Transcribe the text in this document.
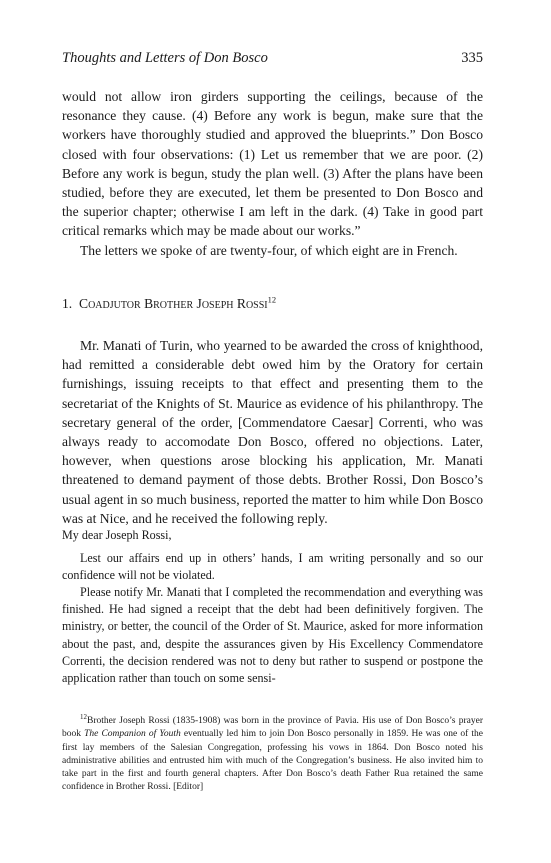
Thoughts and Letters of Don Bosco	335

would not allow iron girders supporting the ceilings, because of the resonance they cause. (4) Before any work is begun, make sure that the workers have thoroughly studied and approved the blueprints.” Don Bosco closed with four observations: (1) Let us remember that we are poor. (2) Before any work is begun, study the plan well. (3) After the plans have been studied, before they are executed, let them be presented to Don Bosco and the superior chapter; otherwise I am left in the dark. (4) Take in good part critical remarks which may be made about our works.”

The letters we spoke of are twenty-four, of which eight are in French.

1. Coadjutor Brother Joseph Rossi$^{12}$

Mr. Manati of Turin, who yearned to be awarded the cross of knighthood, had remitted a considerable debt owed him by the Oratory for certain furnishings, issuing receipts to that effect and presenting them to the secretariat of the Knights of St. Maurice as evidence of his philanthropy. The secretary general of the order, [Commendatore Caesar] Correnti, who was always ready to accomodate Don Bosco, offered no objections. Later, however, when questions arose blocking his application, Mr. Manati threatened to demand payment of those debts. Brother Rossi, Don Bosco’s usual agent in so much business, reported the matter to him while Don Bosco was at Nice, and he received the following reply.

My dear Joseph Rossi,

Lest our affairs end up in others’ hands, I am writing personally and so our confidence will not be violated.

Please notify Mr. Manati that I completed the recommendation and everything was finished. He had signed a receipt that the debt had been definitively forgiven. The ministry, or better, the council of the Order of St. Maurice, asked for more information about the past, and, despite the assurances given by His Excellency Commendatore Correnti, the decision rendered was not to deny but rather to suspend or postpone the application rather than touch on some sensi-

$^{12}$Brother Joseph Rossi (1835-1908) was born in the province of Pavia. His use of Don Bosco’s prayer book The Companion of Youth eventually led him to join Don Bosco personally in 1859. He was one of the first lay members of the Salesian Congregation, professing his vows in 1864. Don Bosco noted his administrative abilities and entrusted him with much of the Congregation’s business. He also invited him to take part in the first and fourth general chapters. After Don Bosco’s death Father Rua retained the same confidence in Brother Rossi. [Editor]
